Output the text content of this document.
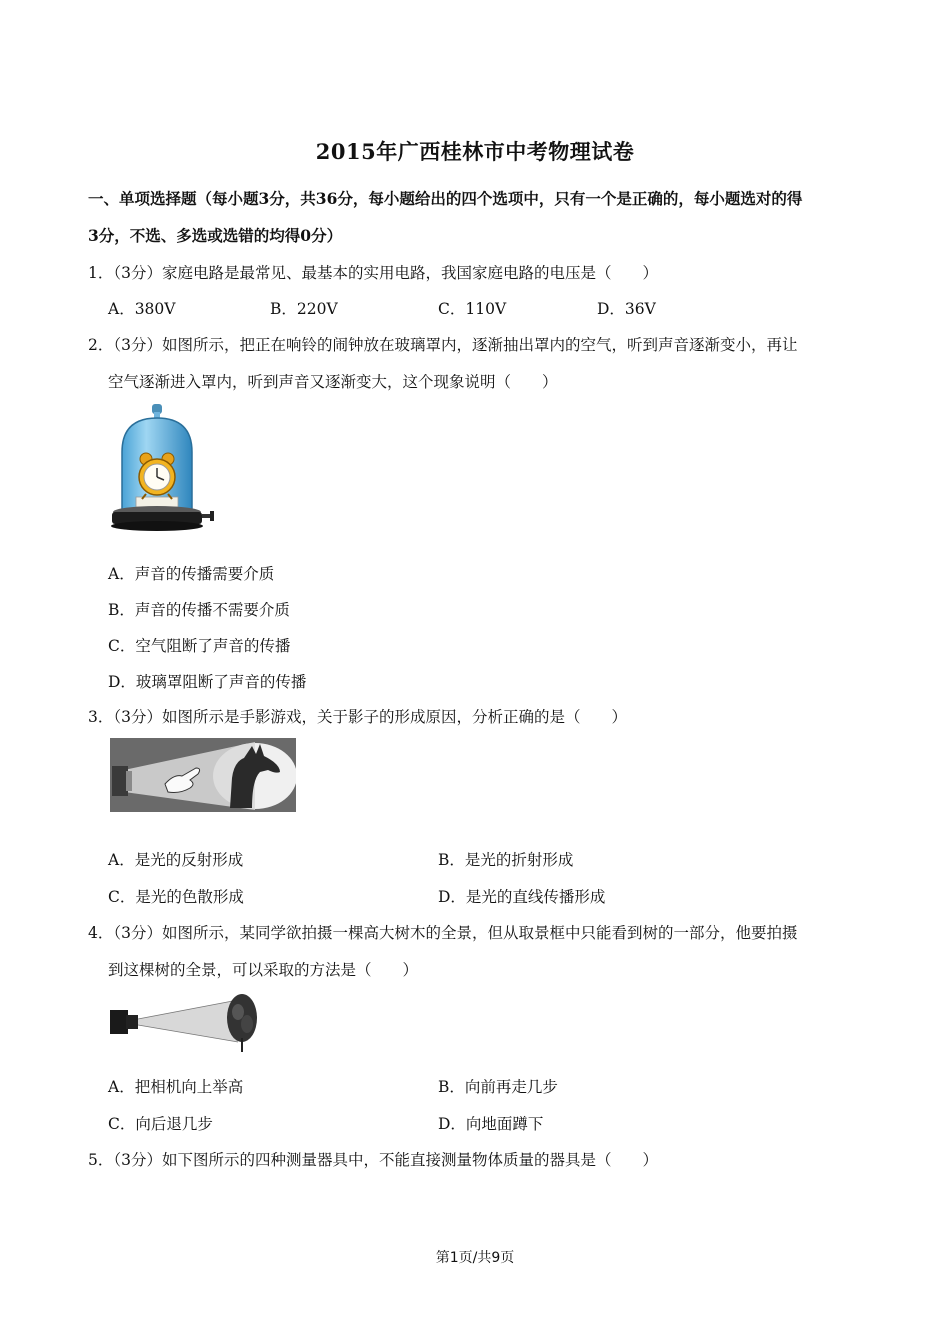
2015年广西桂林市中考物理试卷
一、单项选择题（每小题3分，共36分，每小题给出的四个选项中，只有一个是正确的，每小题选对的得
3分，不选、多选或选错的均得0分）
1．（3分）家庭电路是最常见、最基本的实用电路，我国家庭电路的电压是（　　）
A．380V	B．220V	C．110V	D．36V
2．（3分）如图所示，把正在响铃的闹钟放在玻璃罩内，逐渐抽出罩内的空气，听到声音逐渐变小，再让
空气逐渐进入罩内，听到声音又逐渐变大，这个现象说明（　　）
A．声音的传播需要介质
B．声音的传播不需要介质
C．空气阻断了声音的传播
D．玻璃罩阻断了声音的传播
3．（3分）如图所示是手影游戏，关于影子的形成原因，分析正确的是（　　）
A．是光的反射形成	B．是光的折射形成
C．是光的色散形成	D．是光的直线传播形成
4．（3分）如图所示，某同学欲拍摄一棵高大树木的全景，但从取景框中只能看到树的一部分，他要拍摄
到这棵树的全景，可以采取的方法是（　　）
A．把相机向上举高	B．向前再走几步
C．向后退几步	D．向地面蹲下
5．（3分）如下图所示的四种测量器具中，不能直接测量物体质量的器具是（　　）
第1页/共9页
